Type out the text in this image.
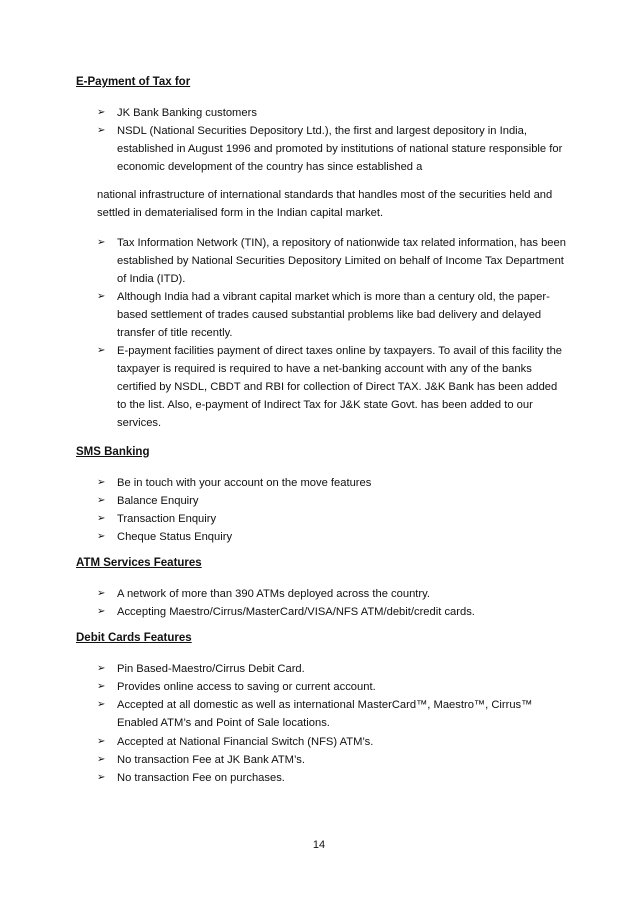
E-Payment of Tax for
➢ JK Bank Banking customers
➢ NSDL (National Securities Depository Ltd.), the first and largest depository in India, established in August 1996 and promoted by institutions of national stature responsible for economic development of the country has since established a
national infrastructure of international standards that handles most of the securities held and settled in dematerialised form in the Indian capital market.
➢ Tax Information Network (TIN), a repository of nationwide tax related information, has been established by National Securities Depository Limited on behalf of Income Tax Department of India (ITD).
➢ Although India had a vibrant capital market which is more than a century old, the paper-based settlement of trades caused substantial problems like bad delivery and delayed transfer of title recently.
➢ E-payment facilities payment of direct taxes online by taxpayers. To avail of this facility the taxpayer is required is required to have a net-banking account with any of the banks certified by NSDL, CBDT and RBI for collection of Direct TAX. J&K Bank has been added to the list. Also, e-payment of Indirect Tax for J&K state Govt. has been added to our services.
SMS Banking
➢ Be in touch with your account on the move features
➢ Balance Enquiry
➢ Transaction Enquiry
➢ Cheque Status Enquiry
ATM Services Features
➢ A network of more than 390 ATMs deployed across the country.
➢ Accepting Maestro/Cirrus/MasterCard/VISA/NFS ATM/debit/credit cards.
Debit Cards Features
➢ Pin Based-Maestro/Cirrus Debit Card.
➢ Provides online access to saving or current account.
➢ Accepted at all domestic as well as international MasterCard™, Maestro™, Cirrus™ Enabled ATM’s and Point of Sale locations.
➢ Accepted at National Financial Switch (NFS) ATM’s.
➢ No transaction Fee at JK Bank ATM’s.
➢ No transaction Fee on purchases.
14
